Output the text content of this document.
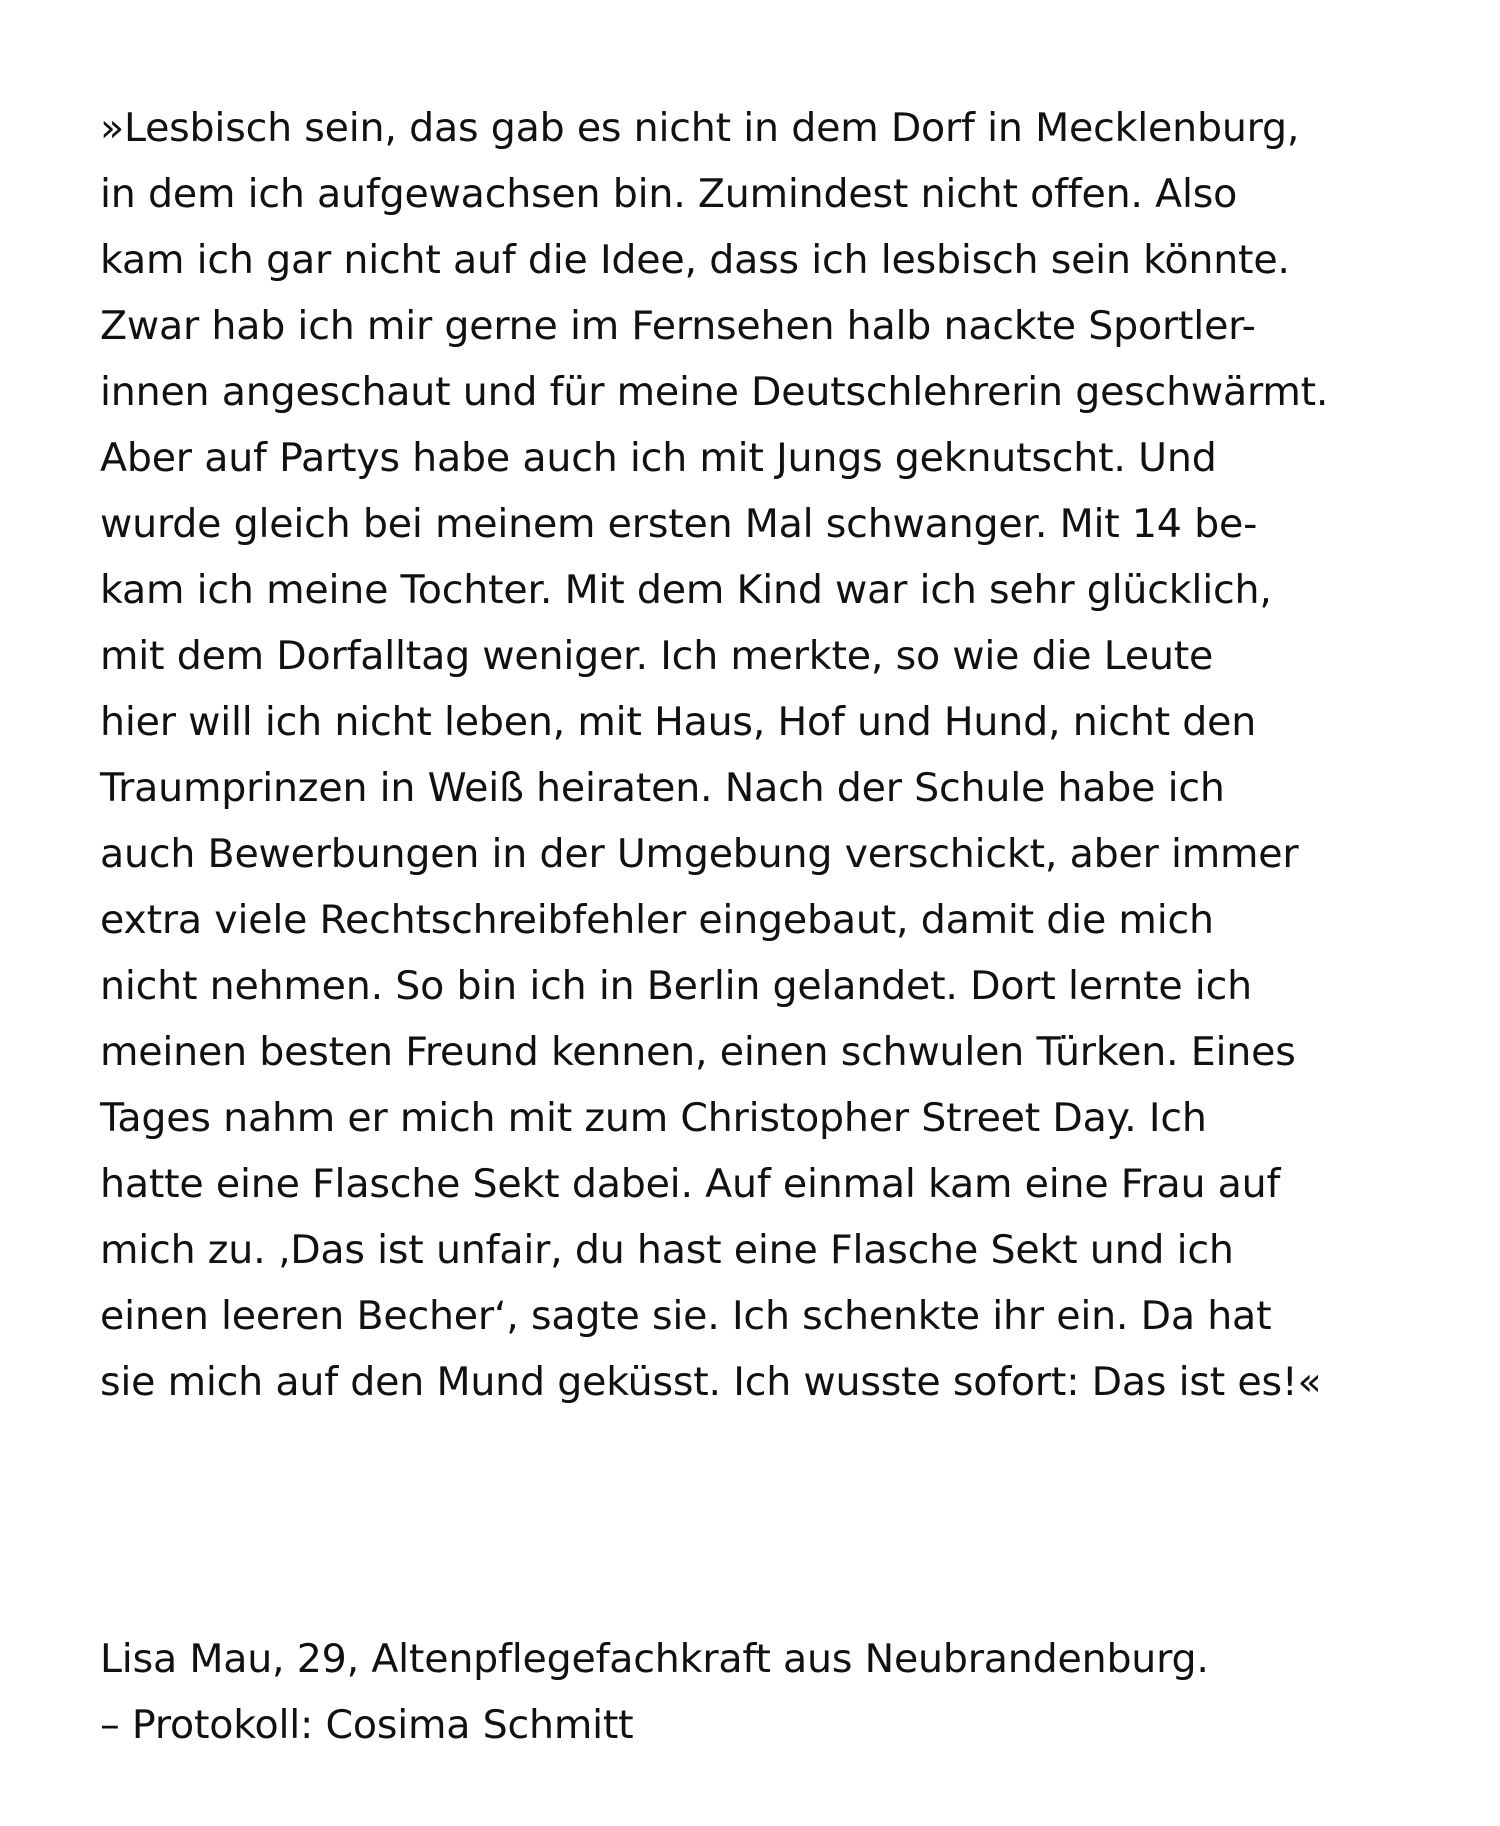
»Lesbisch sein, das gab es nicht in dem Dorf in Mecklenburg,
in dem ich aufgewachsen bin. Zumindest nicht offen. Also
kam ich gar nicht auf die Idee, dass ich lesbisch sein könnte.
Zwar hab ich mir gerne im Fernsehen halb nackte Sportler-
innen angeschaut und für meine Deutschlehrerin geschwärmt.
Aber auf Partys habe auch ich mit Jungs geknutscht. Und
wurde gleich bei meinem ersten Mal schwanger. Mit 14 be-
kam ich meine Tochter. Mit dem Kind war ich sehr glücklich,
mit dem Dorfalltag weniger. Ich merkte, so wie die Leute
hier will ich nicht leben, mit Haus, Hof und Hund, nicht den
Traumprinzen in Weiß heiraten. Nach der Schule habe ich
auch Bewerbungen in der Umgebung verschickt, aber immer
extra viele Rechtschreibfehler eingebaut, damit die mich
nicht nehmen. So bin ich in Berlin gelandet. Dort lernte ich
meinen besten Freund kennen, einen schwulen Türken. Eines
Tages nahm er mich mit zum Christopher Street Day. Ich
hatte eine Flasche Sekt dabei. Auf einmal kam eine Frau auf
mich zu. ‚Das ist unfair, du hast eine Flasche Sekt und ich
einen leeren Becher‘, sagte sie. Ich schenkte ihr ein. Da hat
sie mich auf den Mund geküsst. Ich wusste sofort: Das ist es!«
Lisa Mau, 29, Altenpflegefachkraft aus Neubrandenburg.
– Protokoll: Cosima Schmitt
